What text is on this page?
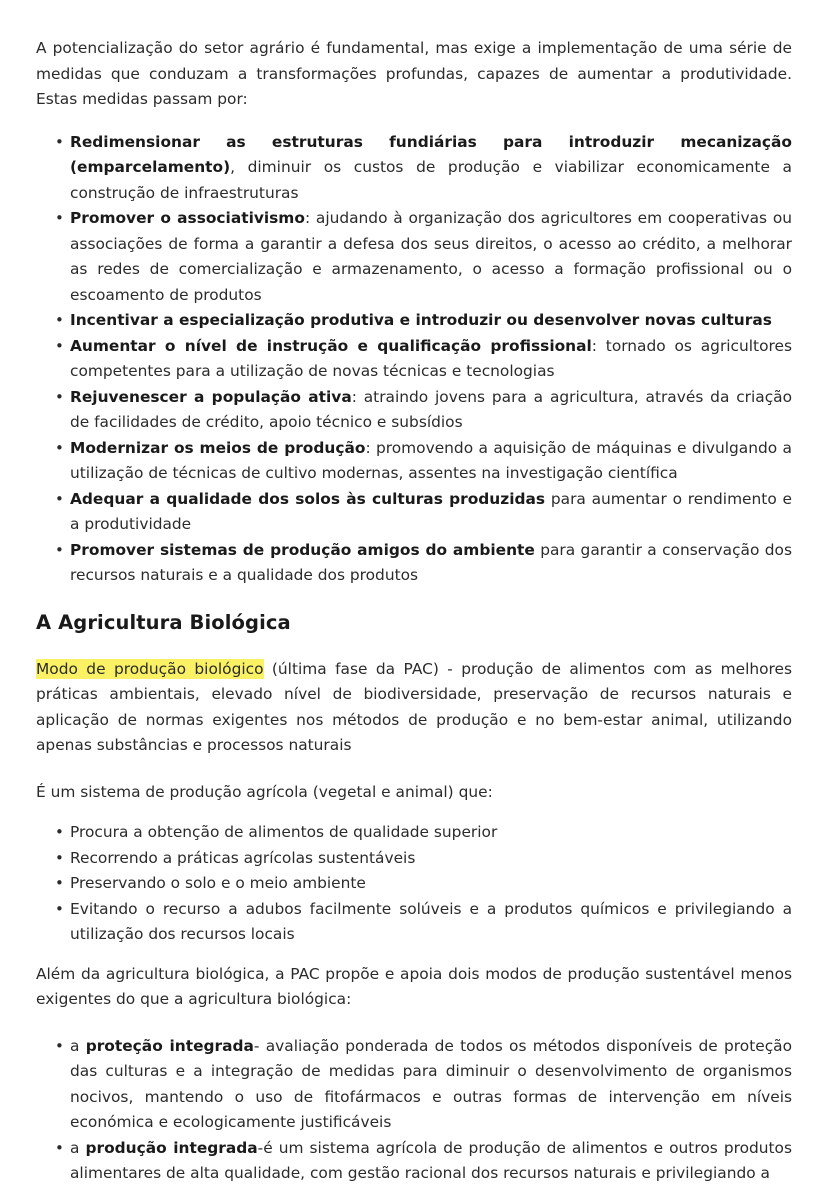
A potencialização do setor agrário é fundamental, mas exige a implementação de uma série de medidas que conduzam a transformações profundas, capazes de aumentar a produtividade. Estas medidas passam por:

• Redimensionar as estruturas fundiárias para introduzir mecanização (emparcelamento), diminuir os custos de produção e viabilizar economicamente a construção de infraestruturas
• Promover o associativismo: ajudando à organização dos agricultores em cooperativas ou associações de forma a garantir a defesa dos seus direitos, o acesso ao crédito, a melhorar as redes de comercialização e armazenamento, o acesso a formação profissional ou o escoamento de produtos
• Incentivar a especialização produtiva e introduzir ou desenvolver novas culturas
• Aumentar o nível de instrução e qualificação profissional: tornado os agricultores competentes para a utilização de novas técnicas e tecnologias
• Rejuvenescer a população ativa: atraindo jovens para a agricultura, através da criação de facilidades de crédito, apoio técnico e subsídios
• Modernizar os meios de produção: promovendo a aquisição de máquinas e divulgando a utilização de técnicas de cultivo modernas, assentes na investigação científica
• Adequar a qualidade dos solos às culturas produzidas para aumentar o rendimento e a produtividade
• Promover sistemas de produção amigos do ambiente para garantir a conservação dos recursos naturais e a qualidade dos produtos
A Agricultura Biológica

Modo de produção biológico (última fase da PAC) - produção de alimentos com as melhores práticas ambientais, elevado nível de biodiversidade, preservação de recursos naturais e aplicação de normas exigentes nos métodos de produção e no bem-estar animal, utilizando apenas substâncias e processos naturais

É um sistema de produção agrícola (vegetal e animal) que:

• Procura a obtenção de alimentos de qualidade superior
• Recorrendo a práticas agrícolas sustentáveis
• Preservando o solo e o meio ambiente
• Evitando o recurso a adubos facilmente solúveis e a produtos químicos e privilegiando a utilização dos recursos locais

Além da agricultura biológica, a PAC propõe e apoia dois modos de produção sustentável menos exigentes do que a agricultura biológica:

• a proteção integrada- avaliação ponderada de todos os métodos disponíveis de proteção das culturas e a integração de medidas para diminuir o desenvolvimento de organismos nocivos, mantendo o uso de fitofármacos e outras formas de intervenção em níveis económica e ecologicamente justificáveis
• a produção integrada-é um sistema agrícola de produção de alimentos e outros produtos alimentares de alta qualidade, com gestão racional dos recursos naturais e privilegiando a
